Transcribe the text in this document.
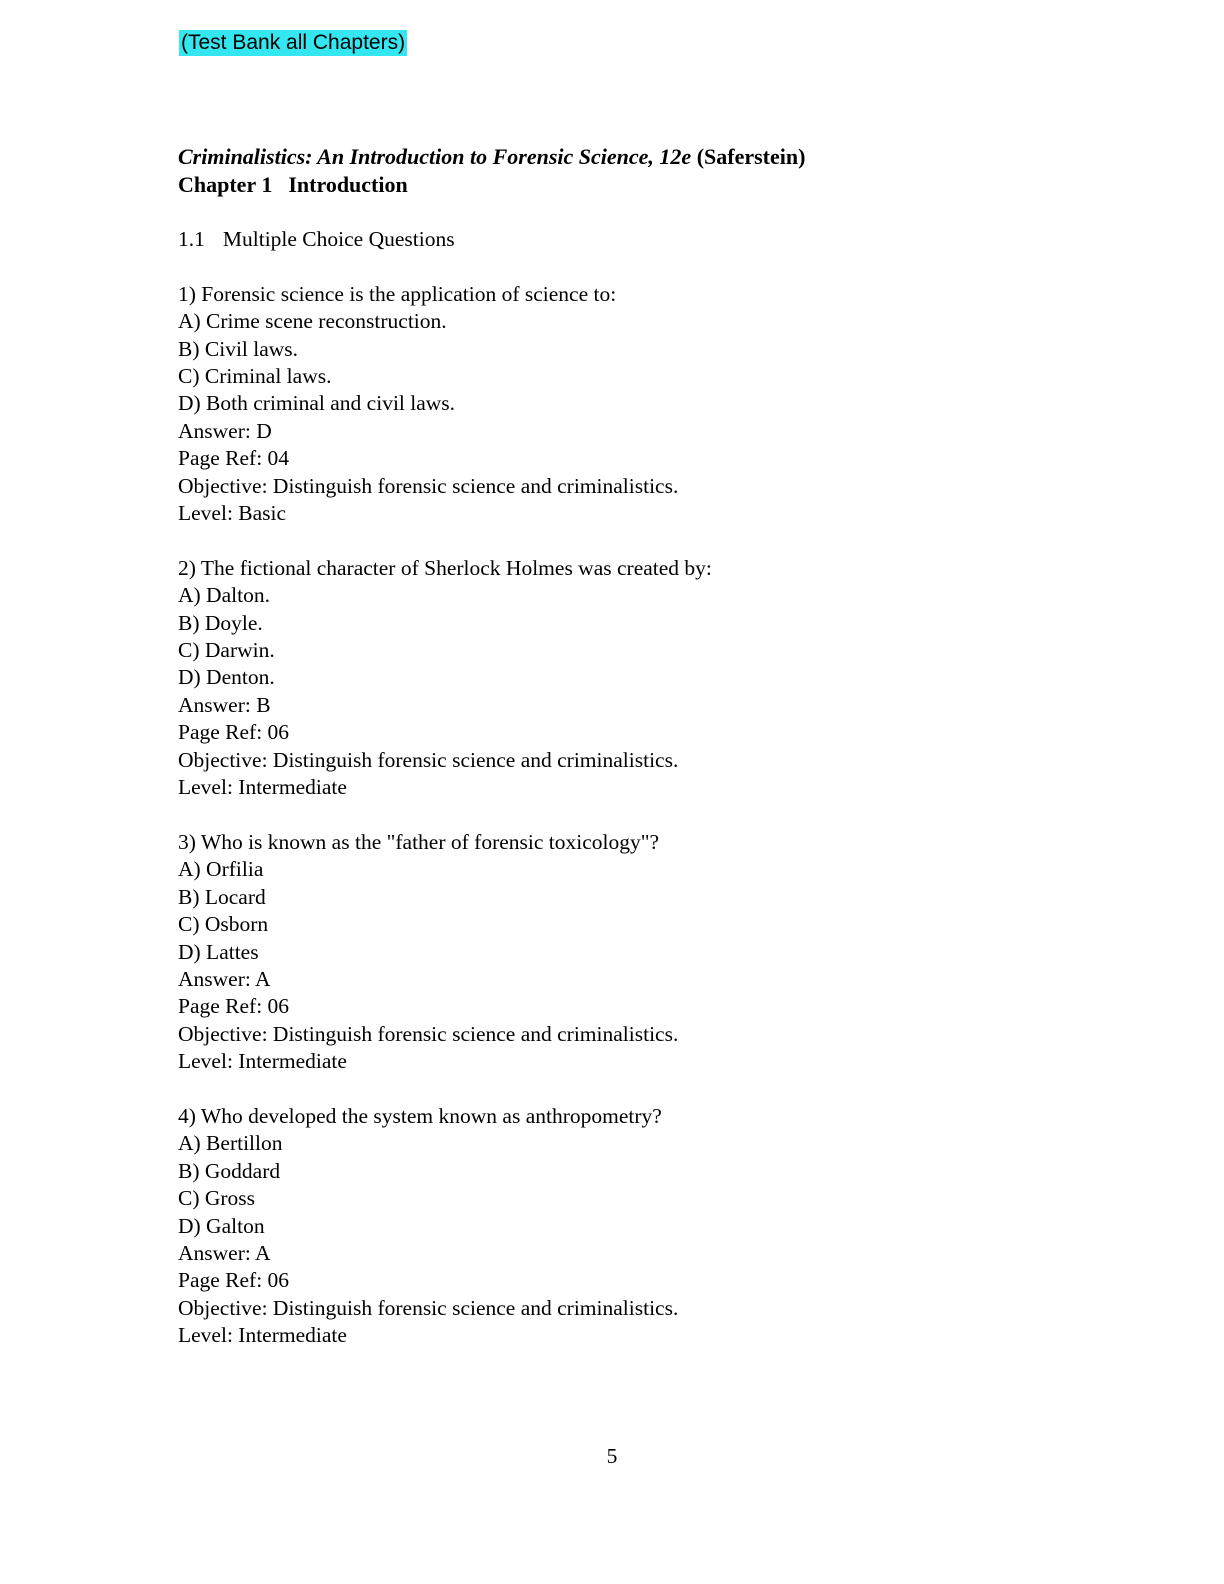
(Test Bank all Chapters)
Criminalistics: An Introduction to Forensic Science, 12e (Saferstein)
Chapter 1 Introduction
1.1 Multiple Choice Questions
1) Forensic science is the application of science to:
A) Crime scene reconstruction.
B) Civil laws.
C) Criminal laws.
D) Both criminal and civil laws.
Answer: D
Page Ref: 04
Objective: Distinguish forensic science and criminalistics.
Level: Basic
2) The fictional character of Sherlock Holmes was created by:
A) Dalton.
B) Doyle.
C) Darwin.
D) Denton.
Answer: B
Page Ref: 06
Objective: Distinguish forensic science and criminalistics.
Level: Intermediate
3) Who is known as the "father of forensic toxicology"?
A) Orfilia
B) Locard
C) Osborn
D) Lattes
Answer: A
Page Ref: 06
Objective: Distinguish forensic science and criminalistics.
Level: Intermediate
4) Who developed the system known as anthropometry?
A) Bertillon
B) Goddard
C) Gross
D) Galton
Answer: A
Page Ref: 06
Objective: Distinguish forensic science and criminalistics.
Level: Intermediate
5
